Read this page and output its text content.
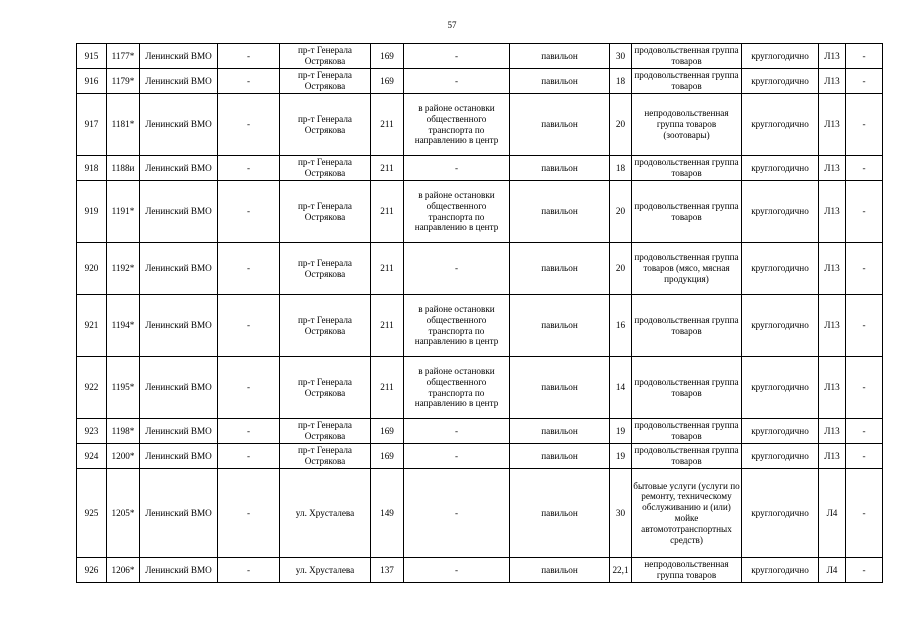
57
915	1177*	Ленинский ВМО	-	пр-т Генерала Острякова	169	-	павильон	30	продовольственная группа товаров	круглогодично	Л13	-
916	1179*	Ленинский ВМО	-	пр-т Генерала Острякова	169	-	павильон	18	продовольственная группа товаров	круглогодично	Л13	-
917	1181*	Ленинский ВМО	-	пр-т Генерала Острякова	211	в районе остановки общественного транспорта по направлению в центр	павильон	20	непродовольственная группа товаров (зоотовары)	круглогодично	Л13	-
918	1188и	Ленинский ВМО	-	пр-т Генерала Острякова	211	-	павильон	18	продовольственная группа товаров	круглогодично	Л13	-
919	1191*	Ленинский ВМО	-	пр-т Генерала Острякова	211	в районе остановки общественного транспорта по направлению в центр	павильон	20	продовольственная группа товаров	круглогодично	Л13	-
920	1192*	Ленинский ВМО	-	пр-т Генерала Острякова	211	-	павильон	20	продовольственная группа товаров (мясо, мясная продукция)	круглогодично	Л13	-
921	1194*	Ленинский ВМО	-	пр-т Генерала Острякова	211	в районе остановки общественного транспорта по направлению в центр	павильон	16	продовольственная группа товаров	круглогодично	Л13	-
922	1195*	Ленинский ВМО	-	пр-т Генерала Острякова	211	в районе остановки общественного транспорта по направлению в центр	павильон	14	продовольственная группа товаров	круглогодично	Л13	-
923	1198*	Ленинский ВМО	-	пр-т Генерала Острякова	169	-	павильон	19	продовольственная группа товаров	круглогодично	Л13	-
924	1200*	Ленинский ВМО	-	пр-т Генерала Острякова	169	-	павильон	19	продовольственная группа товаров	круглогодично	Л13	-
925	1205*	Ленинский ВМО	-	ул. Хрусталева	149	-	павильон	30	бытовые услуги (услуги по ремонту, техническому обслуживанию и (или) мойке автомототранспортных средств)	круглогодично	Л4	-
926	1206*	Ленинский ВМО	-	ул. Хрусталева	137	-	павильон	22,1	непродовольственная группа товаров	круглогодично	Л4	-
